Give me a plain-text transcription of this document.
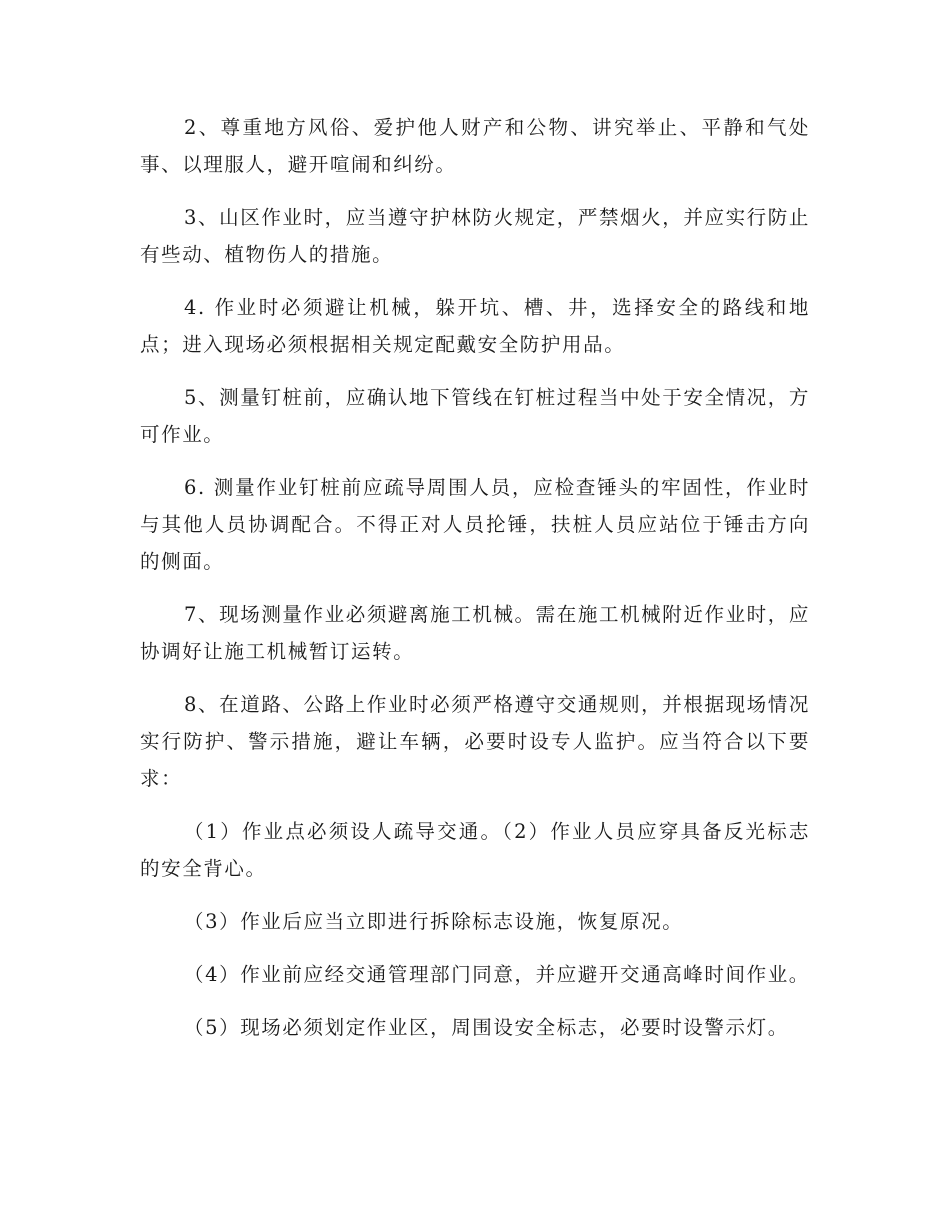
2、尊重地方风俗、爱护他人财产和公物、讲究举止、平静和气处事、以理服人，避开喧闹和纠纷。

3、山区作业时，应当遵守护林防火规定，严禁烟火，并应实行防止有些动、植物伤人的措施。

4. 作业时必须避让机械，躲开坑、槽、井，选择安全的路线和地点；进入现场必须根据相关规定配戴安全防护用品。

5、测量钉桩前，应确认地下管线在钉桩过程当中处于安全情况，方可作业。

6. 测量作业钉桩前应疏导周围人员，应检查锤头的牢固性，作业时与其他人员协调配合。不得正对人员抡锤，扶桩人员应站位于锤击方向的侧面。

7、现场测量作业必须避离施工机械。需在施工机械附近作业时，应协调好让施工机械暂订运转。

8、在道路、公路上作业时必须严格遵守交通规则，并根据现场情况实行防护、警示措施，避让车辆，必要时设专人监护。应当符合以下要求：

（1）作业点必须设人疏导交通。（2）作业人员应穿具备反光标志的安全背心。

（3）作业后应当立即进行拆除标志设施，恢复原况。

（4）作业前应经交通管理部门同意，并应避开交通高峰时间作业。

（5）现场必须划定作业区，周围设安全标志，必要时设警示灯。
